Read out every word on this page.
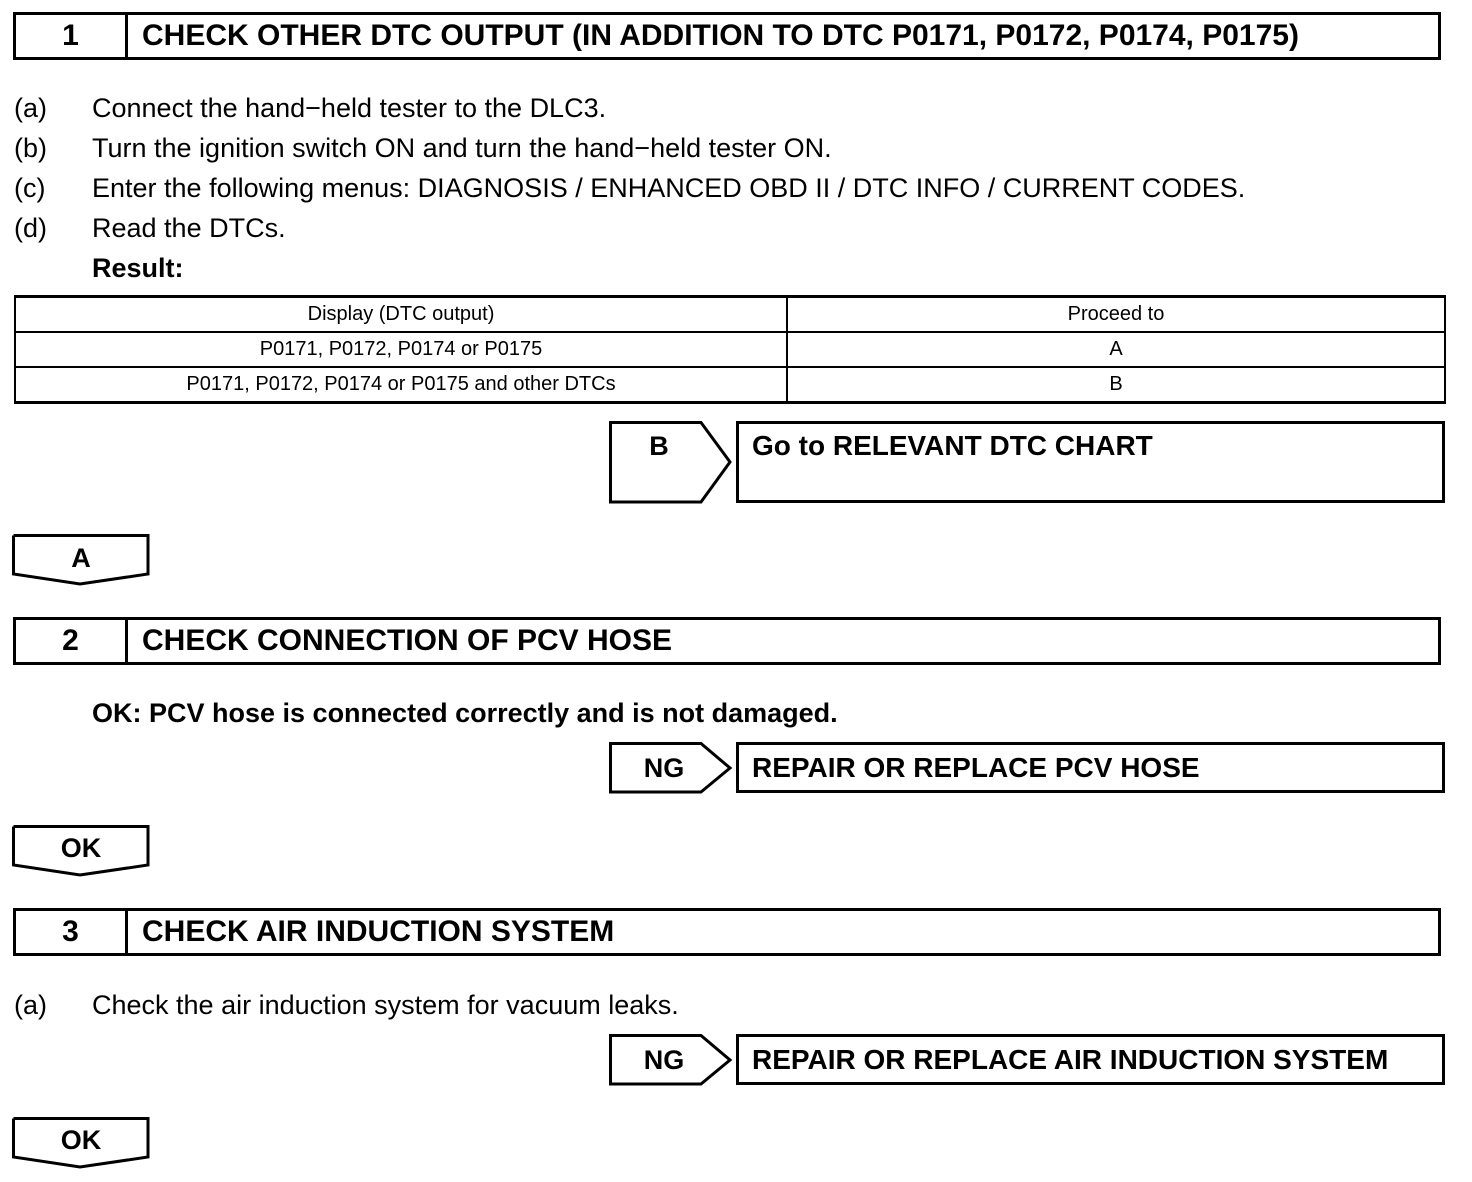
1	CHECK OTHER DTC OUTPUT (IN ADDITION TO DTC P0171, P0172, P0174, P0175)
(a) Connect the hand−held tester to the DLC3.
(b) Turn the ignition switch ON and turn the hand−held tester ON.
(c) Enter the following menus: DIAGNOSIS / ENHANCED OBD II / DTC INFO / CURRENT CODES.
(d) Read the DTCs.
Result:
Display (DTC output)	Proceed to
P0171, P0172, P0174 or P0175	A
P0171, P0172, P0174 or P0175 and other DTCs	B
B	Go to RELEVANT DTC CHART
A
2	CHECK CONNECTION OF PCV HOSE
OK: PCV hose is connected correctly and is not damaged.
NG	REPAIR OR REPLACE PCV HOSE
OK
3	CHECK AIR INDUCTION SYSTEM
(a) Check the air induction system for vacuum leaks.
NG	REPAIR OR REPLACE AIR INDUCTION SYSTEM
OK
